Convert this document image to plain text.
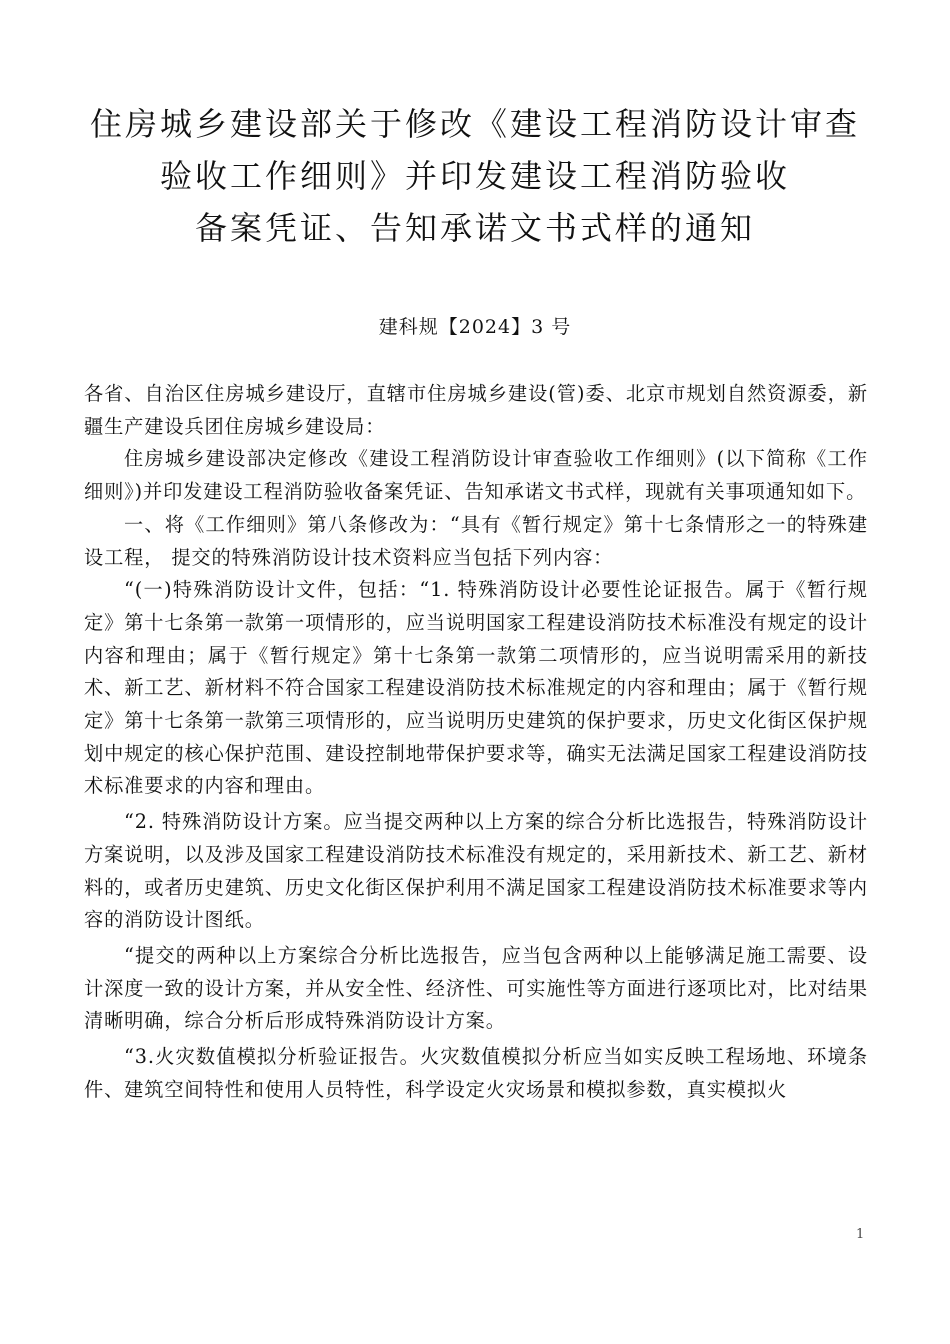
住房城乡建设部关于修改《建设工程消防设计审查
验收工作细则》并印发建设工程消防验收
备案凭证、告知承诺文书式样的通知
建科规【2024】3 号

各省、自治区住房城乡建设厅，直辖市住房城乡建设(管)委、北京市规划自然资源委，新疆生产建设兵团住房城乡建设局：

住房城乡建设部决定修改《建设工程消防设计审查验收工作细则》(以下简称《工作细则》)并印发建设工程消防验收备案凭证、告知承诺文书式样，现就有关事项通知如下。

一、将《工作细则》第八条修改为：“具有《暂行规定》第十七条情形之一的特殊建设工程， 提交的特殊消防设计技术资料应当包括下列内容：

“(一)特殊消防设计文件，包括：“1. 特殊消防设计必要性论证报告。属于《暂行规定》第十七条第一款第一项情形的，应当说明国家工程建设消防技术标准没有规定的设计内容和理由；属于《暂行规定》第十七条第一款第二项情形的，应当说明需采用的新技术、新工艺、新材料不符合国家工程建设消防技术标准规定的内容和理由；属于《暂行规定》第十七条第一款第三项情形的，应当说明历史建筑的保护要求，历史文化街区保护规划中规定的核心保护范围、建设控制地带保护要求等，确实无法满足国家工程建设消防技术标准要求的内容和理由。

“2. 特殊消防设计方案。应当提交两种以上方案的综合分析比选报告，特殊消防设计方案说明，以及涉及国家工程建设消防技术标准没有规定的，采用新技术、新工艺、新材料的，或者历史建筑、历史文化街区保护利用不满足国家工程建设消防技术标准要求等内容的消防设计图纸。

“提交的两种以上方案综合分析比选报告，应当包含两种以上能够满足施工需要、设计深度一致的设计方案，并从安全性、经济性、可实施性等方面进行逐项比对，比对结果清晰明确，综合分析后形成特殊消防设计方案。

“3.火灾数值模拟分析验证报告。火灾数值模拟分析应当如实反映工程场地、环境条件、建筑空间特性和使用人员特性，科学设定火灾场景和模拟参数，真实模拟火

1
